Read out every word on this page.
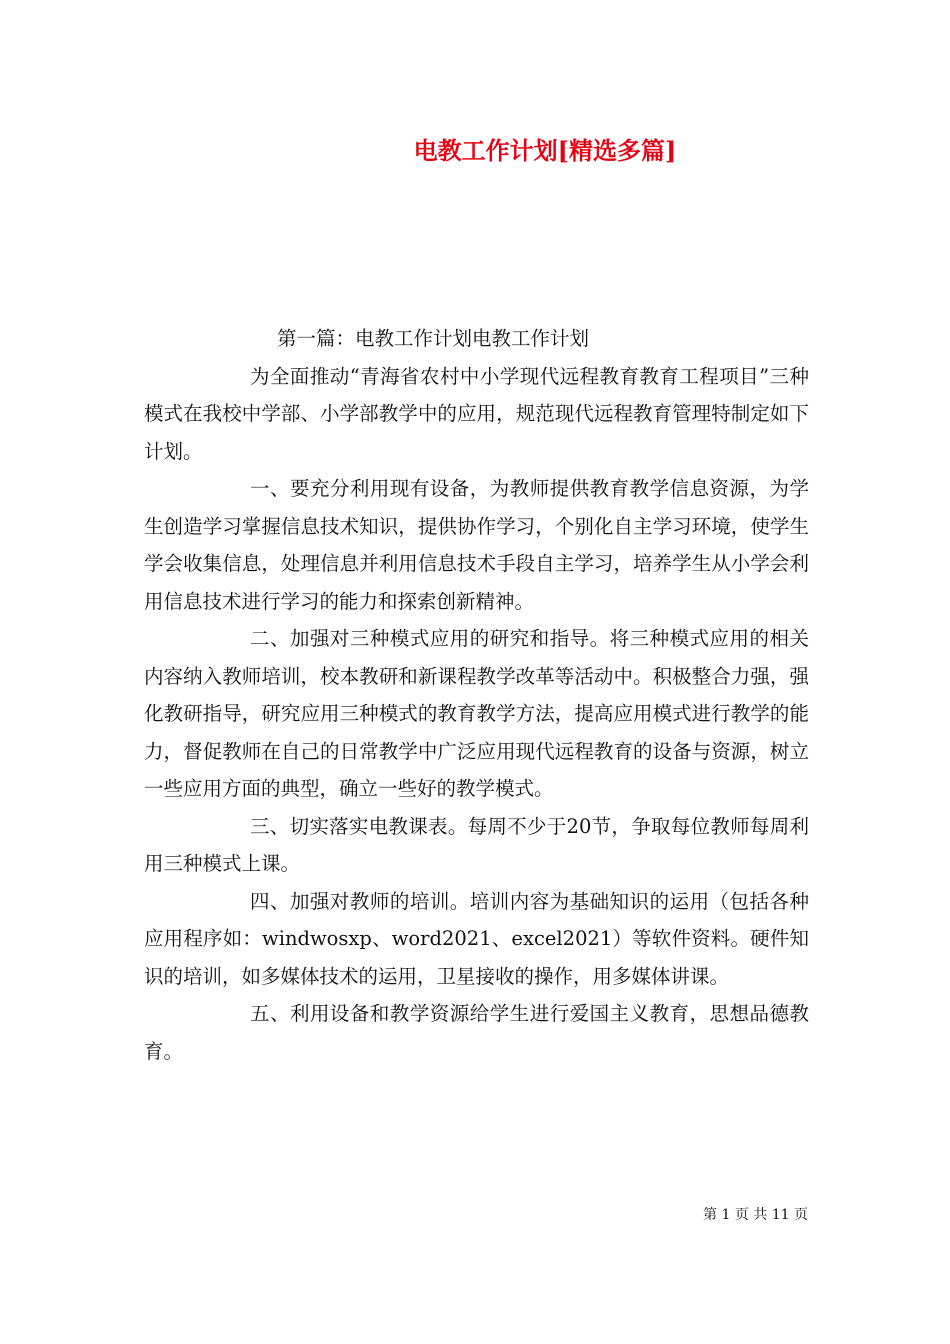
电教工作计划[精选多篇]

第一篇：电教工作计划电教工作计划

为全面推动“青海省农村中小学现代远程教育教育工程项目”三种模式在我校中学部、小学部教学中的应用，规范现代远程教育管理特制定如下计划。

一、要充分利用现有设备，为教师提供教育教学信息资源，为学生创造学习掌握信息技术知识，提供协作学习，个别化自主学习环境，使学生学会收集信息，处理信息并利用信息技术手段自主学习，培养学生从小学会利用信息技术进行学习的能力和探索创新精神。

二、加强对三种模式应用的研究和指导。将三种模式应用的相关内容纳入教师培训，校本教研和新课程教学改革等活动中。积极整合力强，强化教研指导，研究应用三种模式的教育教学方法，提高应用模式进行教学的能力，督促教师在自己的日常教学中广泛应用现代远程教育的设备与资源，树立一些应用方面的典型，确立一些好的教学模式。

三、切实落实电教课表。每周不少于20节，争取每位教师每周利用三种模式上课。

四、加强对教师的培训。培训内容为基础知识的运用（包括各种应用程序如：windwosxp、word2021、excel2021）等软件资料。硬件知识的培训，如多媒体技术的运用，卫星接收的操作，用多媒体讲课。

五、利用设备和教学资源给学生进行爱国主义教育，思想品德教育。

第 1 页 共 11 页
